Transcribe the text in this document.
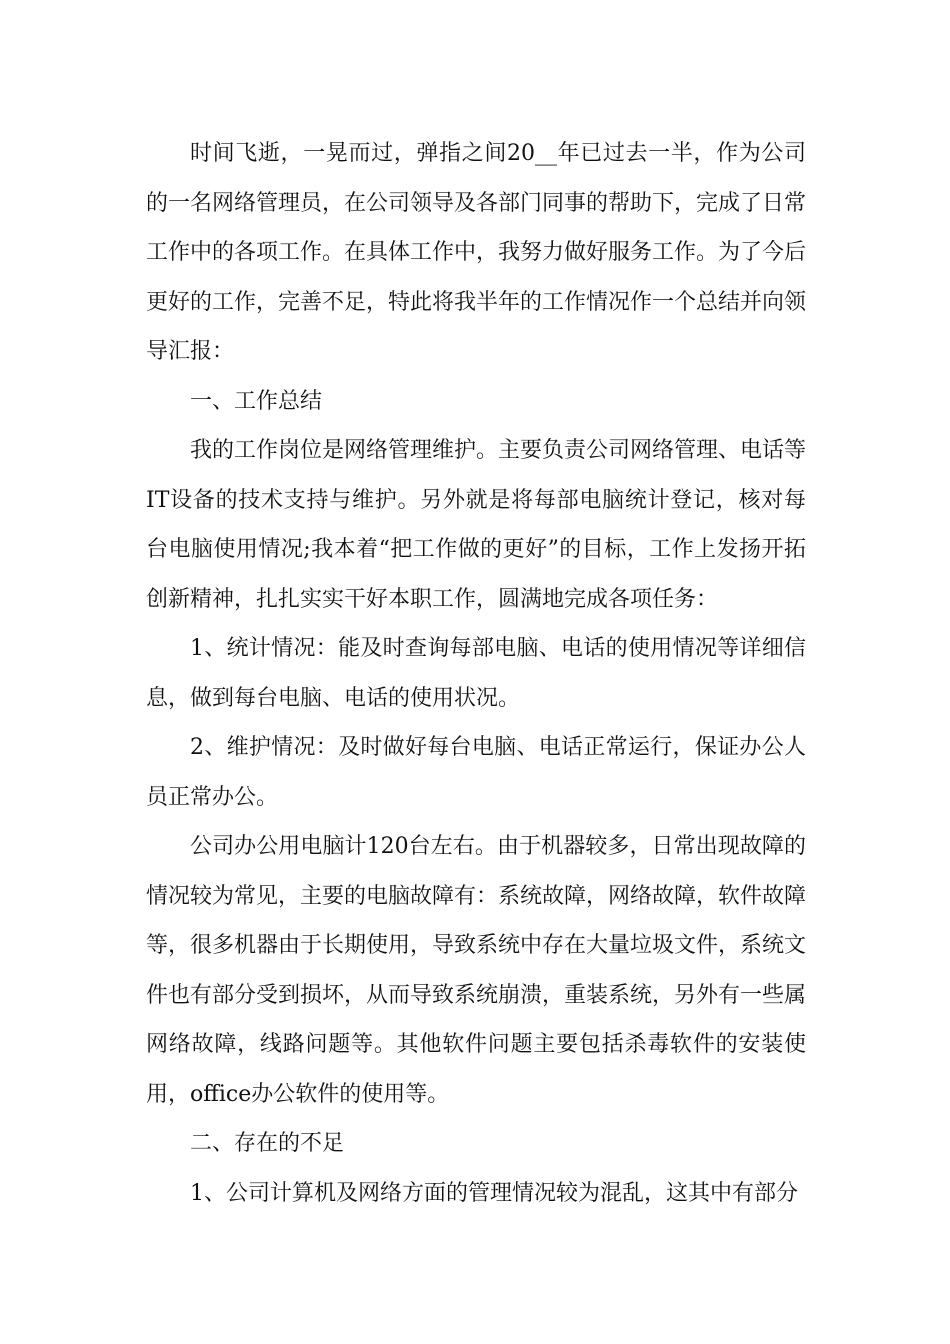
时间飞逝，一晃而过，弹指之间20__年已过去一半，作为公司的一名网络管理员，在公司领导及各部门同事的帮助下，完成了日常工作中的各项工作。在具体工作中，我努力做好服务工作。为了今后更好的工作，完善不足，特此将我半年的工作情况作一个总结并向领导汇报：

一、工作总结

我的工作岗位是网络管理维护。主要负责公司网络管理、电话等IT设备的技术支持与维护。另外就是将每部电脑统计登记，核对每台电脑使用情况;我本着“把工作做的更好”的目标，工作上发扬开拓创新精神，扎扎实实干好本职工作，圆满地完成各项任务：

1、统计情况：能及时查询每部电脑、电话的使用情况等详细信息，做到每台电脑、电话的使用状况。

2、维护情况：及时做好每台电脑、电话正常运行，保证办公人员正常办公。

公司办公用电脑计120台左右。由于机器较多，日常出现故障的情况较为常见，主要的电脑故障有：系统故障，网络故障，软件故障等，很多机器由于长期使用，导致系统中存在大量垃圾文件，系统文件也有部分受到损坏，从而导致系统崩溃，重装系统，另外有一些属网络故障，线路问题等。其他软件问题主要包括杀毒软件的安装使用，office办公软件的使用等。

二、存在的不足

1、公司计算机及网络方面的管理情况较为混乱，这其中有部分
